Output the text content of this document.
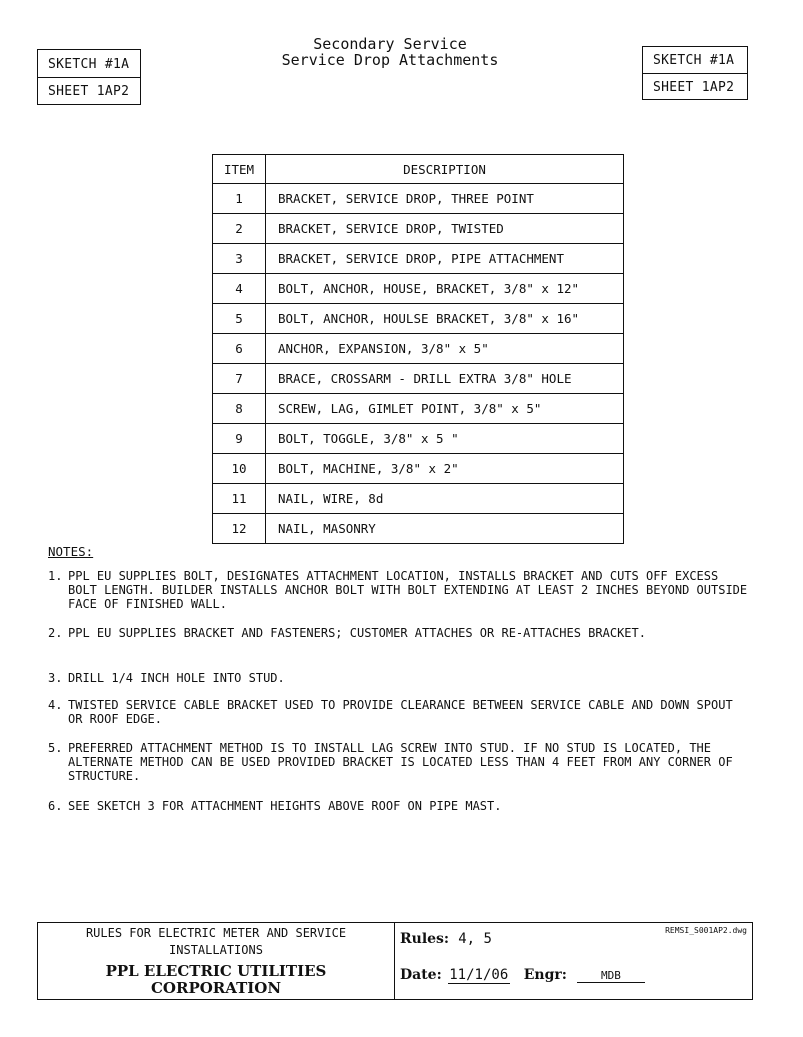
SKETCH #1A
SHEET 1AP2
Secondary Service
Service Drop Attachments	SKETCH #1A
SHEET 1AP2
ITEM	DESCRIPTION
1	BRACKET, SERVICE DROP, THREE POINT
2	BRACKET, SERVICE DROP, TWISTED
3	BRACKET, SERVICE DROP, PIPE ATTACHMENT
4	BOLT, ANCHOR, HOUSE, BRACKET, 3/8" x 12"
5	BOLT, ANCHOR, HOULSE BRACKET, 3/8" x 16"
6	ANCHOR, EXPANSION, 3/8" x 5"
7	BRACE, CROSSARM - DRILL EXTRA 3/8" HOLE
8	SCREW, LAG, GIMLET POINT, 3/8" x 5"
9	BOLT, TOGGLE, 3/8" x 5 "
10	BOLT, MACHINE, 3/8" x 2"
11	NAIL, WIRE, 8d
12	NAIL, MASONRY
NOTES:
1. PPL EU SUPPLIES BOLT, DESIGNATES ATTACHMENT LOCATION, INSTALLS BRACKET AND CUTS OFF EXCESS BOLT LENGTH. BUILDER INSTALLS ANCHOR BOLT WITH BOLT EXTENDING AT LEAST 2 INCHES BEYOND OUTSIDE FACE OF FINISHED WALL.
2. PPL EU SUPPLIES BRACKET AND FASTENERS; CUSTOMER ATTACHES OR RE-ATTACHES BRACKET.
3. DRILL 1/4 INCH HOLE INTO STUD.
4. TWISTED SERVICE CABLE BRACKET USED TO PROVIDE CLEARANCE BETWEEN SERVICE CABLE AND DOWN SPOUT OR ROOF EDGE.
5. PREFERRED ATTACHMENT METHOD IS TO INSTALL LAG SCREW INTO STUD. IF NO STUD IS LOCATED, THE ALTERNATE METHOD CAN BE USED PROVIDED BRACKET IS LOCATED LESS THAN 4 FEET FROM ANY CORNER OF STRUCTURE.
6. SEE SKETCH 3 FOR ATTACHMENT HEIGHTS ABOVE ROOF ON PIPE MAST.
RULES FOR ELECTRIC METER AND SERVICE
INSTALLATIONS
PPL ELECTRIC UTILITIES
CORPORATION
Rules: 4, 5
REMSI_S001AP2.dwg
Date: 11/1/06 Engr:	MDB
